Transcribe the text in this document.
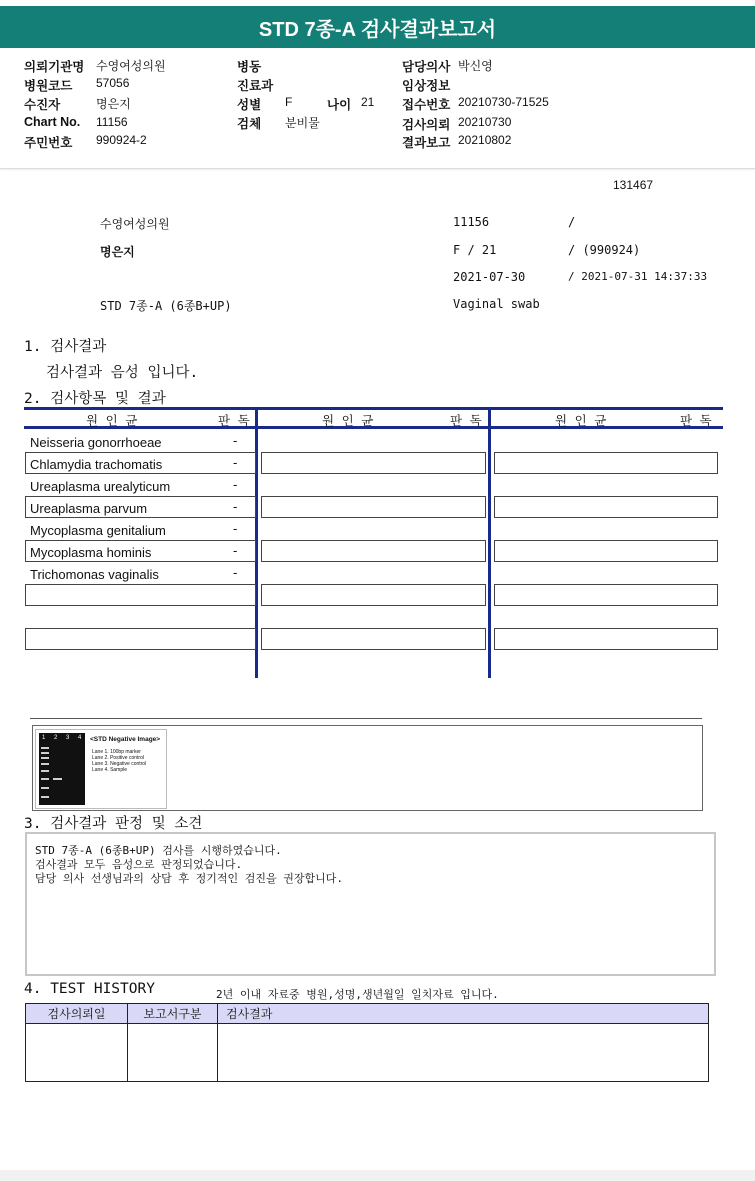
STD 7종-A 검사결과보고서
의뢰기관명 수영여성의원
병원코드 57056
수진자	명은지
Chart No. 11156
주민번호 990924-2
병동
진료과
성별 F	나이 21
검체 분비물
담당의사 박신영
임상정보
접수번호 20210730-71525
검사의뢰 20210730
결과보고 20210802
131467
수영여성의원	11156	/
명은지	F / 21	/ (990924)
2021-07-30	/ 2021-07-31 14:37:33
STD 7종-A (6종B+UP)	Vaginal swab
1. 검사결과
검사결과 음성 입니다.
2. 검사항목 및 결과
원 인 균	판 독	원 인 균	판 독	원 인 균	판 독
Neisseria gonorrhoeae	-
Chlamydia trachomatis	-
Ureaplasma urealyticum	-
Ureaplasma parvum	-
Mycoplasma genitalium	-
Mycoplasma hominis	-
Trichomonas vaginalis	-
1 2 3 4 <STD Negative Image>
Lane 1. 100bp marker
Lane 2. Positive control
Lane 3. Negative control
Lane 4. Sample
3. 검사결과 판정 및 소견
STD 7종-A (6종B+UP) 검사를 시행하였습니다.
검사결과 모두 음성으로 판정되었습니다.
담당 의사 선생님과의 상담 후 정기적인 검진을 권장합니다.
4. TEST HISTORY	2년 이내 자료중 병원,성명,생년월일 일치자료 입니다.
검사의뢰일	보고서구분	검사결과
